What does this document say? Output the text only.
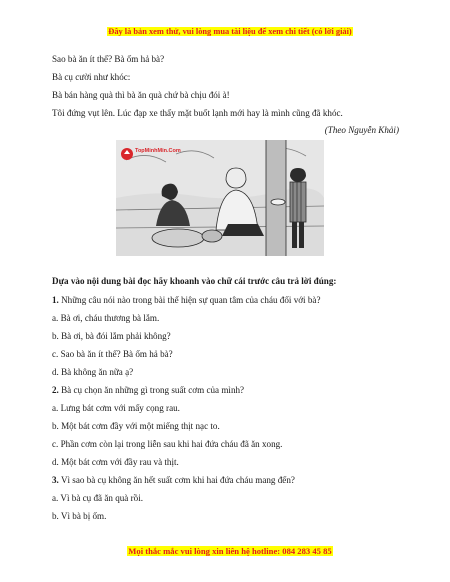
Đây là bản xem thử, vui lòng mua tài liệu để xem chi tiết (có lời giải)
Sao bà ăn ít thế? Bà ốm hả bà?
Bà cụ cười như khóc:
Bà bán hàng quà thì bà ăn quà chứ bà chịu đói à!
Tôi đứng vụt lên. Lúc đạp xe thấy mặt buốt lạnh mới hay là mình cũng đã khóc.
(Theo Nguyễn Khải)
TopMinhMin.Com
Dựa vào nội dung bài đọc hãy khoanh vào chữ cái trước câu trả lời đúng:
1. Những câu nói nào trong bài thể hiện sự quan tâm của cháu đối với bà?
a. Bà ơi, cháu thương bà lắm.
b. Bà ơi, bà đói lắm phải không?
c. Sao bà ăn ít thế? Bà ốm hả bà?
d. Bà không ăn nữa ạ?
2. Bà cụ chọn ăn những gì trong suất cơm của mình?
a. Lưng bát cơm với mấy cọng rau.
b. Một bát cơm đầy với một miếng thịt nạc to.
c. Phần cơm còn lại trong liễn sau khi hai đứa cháu đã ăn xong.
d. Một bát cơm với đầy rau và thịt.
3. Vì sao bà cụ không ăn hết suất cơm khi hai đứa cháu mang đến?
a. Vì bà cụ đã ăn quà rồi.
b. Vì bà bị ốm.
Mọi thắc mắc vui lòng xin liên hệ hotline: 084 283 45 85
